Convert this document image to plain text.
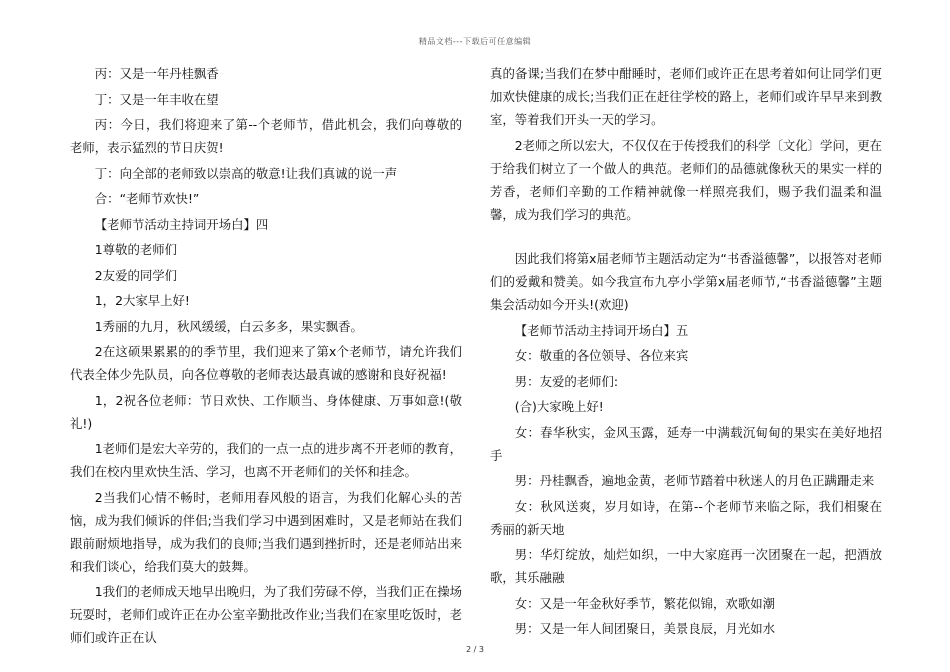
精品文档---下载后可任意编辑

丙：又是一年丹桂飘香

丁：又是一年丰收在望

丙：今日，我们将迎来了第--个老师节，借此机会，我们向尊敬的老师，表示猛烈的节日庆贺!

丁：向全部的老师致以崇高的敬意!让我们真诚的说一声

合：“老师节欢快!”

【老师节活动主持词开场白】四

1尊敬的老师们

2友爱的同学们

1，2大家早上好!

1秀丽的九月，秋风缓缓，白云多多，果实飘香。

2在这硕果累累的的季节里，我们迎来了第x个老师节，请允许我们代表全体少先队员，向各位尊敬的老师表达最真诚的感谢和良好祝福!

1，2祝各位老师：节日欢快、工作顺当、身体健康、万事如意!(敬礼!)

1老师们是宏大辛劳的，我们的一点一点的进步离不开老师的教育，我们在校内里欢快生活、学习，也离不开老师们的关怀和挂念。

2当我们心情不畅时，老师用春风般的语言，为我们化解心头的苦恼，成为我们倾诉的伴侣;当我们学习中遇到困难时，又是老师站在我们跟前耐烦地指导，成为我们的良师;当我们遇到挫折时，还是老师站出来和我们谈心，给我们莫大的鼓舞。

1我们的老师成天地早出晚归，为了我们劳碌不停，当我们正在操场玩耍时，老师们或许正在办公室辛勤批改作业;当我们在家里吃饭时，老师们或许正在认

真的备课;当我们在梦中酣睡时，老师们或许正在思考着如何让同学们更加欢快健康的成长;当我们正在赶往学校的路上，老师们或许早早来到教室，等着我们开头一天的学习。

2老师之所以宏大，不仅仅在于传授我们的科学〔文化〕学问，更在于给我们树立了一个做人的典范。老师们的品德就像秋天的果实一样的芳香，老师们辛勤的工作精神就像一样照亮我们，赐予我们温柔和温馨，成为我们学习的典范。

因此我们将第x届老师节主题活动定为“书香溢德馨”，以报答对老师们的爱戴和赞美。如今我宣布九亭小学第x届老师节,“书香溢德馨”主题集会活动如今开头!(欢迎)

【老师节活动主持词开场白】五

女：敬重的各位领导、各位来宾

男：友爱的老师们:

(合)大家晚上好!

女：春华秋实，金风玉露，延寿一中满载沉甸甸的果实在美好地招手

男：丹桂飘香，遍地金黄，老师节踏着中秋迷人的月色正蹒跚走来

女：秋风送爽，岁月如诗，在第--个老师节来临之际，我们相聚在秀丽的新天地

男：华灯绽放，灿烂如织，一中大家庭再一次团聚在一起，把酒放歌，其乐融融

女：又是一年金秋好季节，繁花似锦，欢歌如潮

男：又是一年人间团聚日，美景良辰，月光如水

2 / 3
